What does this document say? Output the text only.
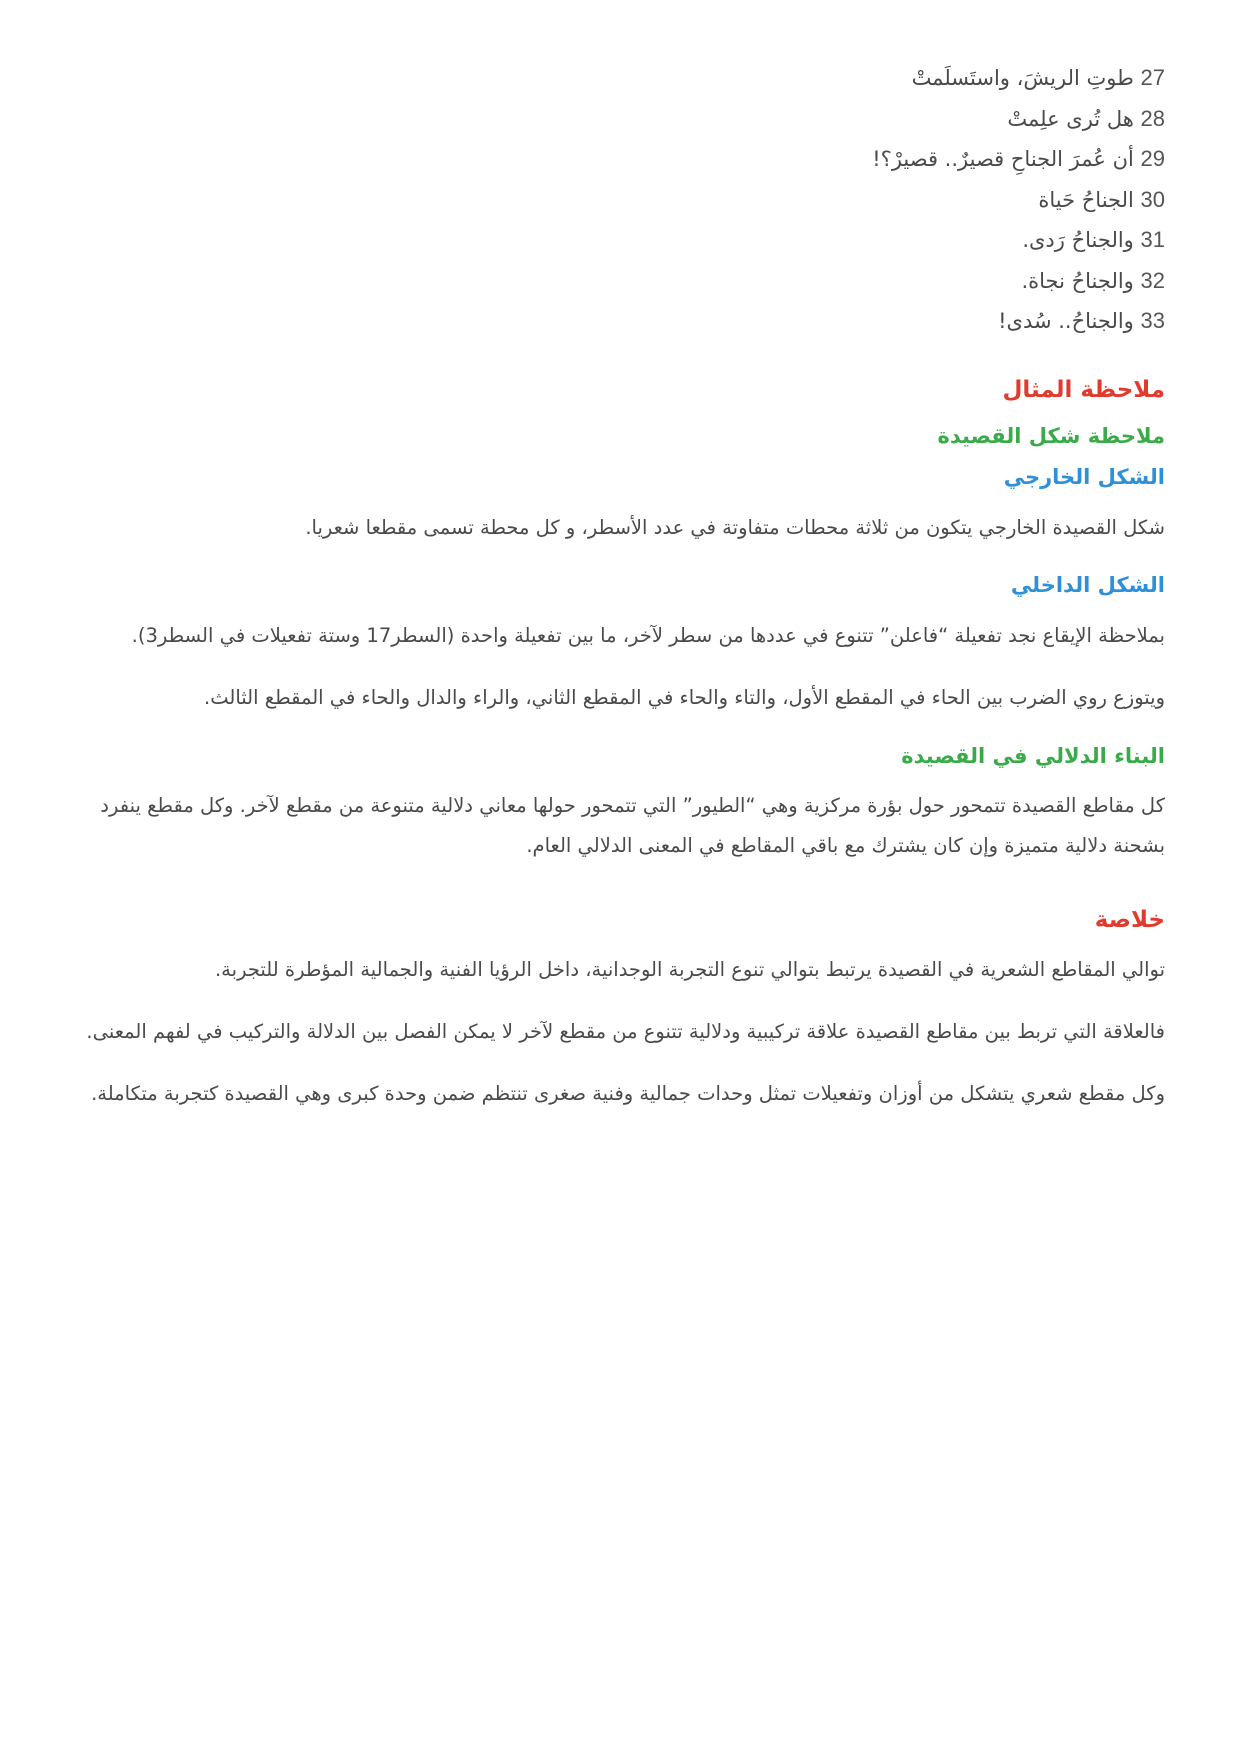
27 طوتِ الريشَ، واستَسلَمتْ

28 هل تُرى علِمتْ

29 أن عُمرَ الجناحِ قصيرٌ.. قصيرْ؟!

30 الجناحُ حَياة

31 والجناحُ رَدى.

32 والجناحُ نجاة.

33 والجناحُ.. سُدى!

ملاحظة المثال
ملاحظة شكل القصيدة
الشكل الخارجي

شكل القصيدة الخارجي يتكون من ثلاثة محطات متفاوتة في عدد الأسطر، و كل محطة تسمى مقطعا شعريا.

الشكل الداخلي

بملاحظة الإيقاع نجد تفعيلة “فاعلن” تتنوع في عددها من سطر لآخر، ما بين تفعيلة واحدة (السطر17 وستة تفعيلات في السطر3).

ويتوزع روي الضرب بين الحاء في المقطع الأول، والتاء والحاء في المقطع الثاني، والراء والدال والحاء في المقطع الثالث.

البناء الدلالي في القصيدة

كل مقاطع القصيدة تتمحور حول بؤرة مركزية وهي “الطيور” التي تتمحور حولها معاني دلالية متنوعة من مقطع لآخر. وكل مقطع ينفرد بشحنة دلالية متميزة وإن كان يشترك مع باقي المقاطع في المعنى الدلالي العام.

خلاصة

توالي المقاطع الشعرية في القصيدة يرتبط بتوالي تنوع التجربة الوجدانية، داخل الرؤيا الفنية والجمالية المؤطرة للتجربة.

فالعلاقة التي تربط بين مقاطع القصيدة علاقة تركيبية ودلالية تتنوع من مقطع لآخر لا يمكن الفصل بين الدلالة والتركيب في لفهم المعنى.

وكل مقطع شعري يتشكل من أوزان وتفعيلات تمثل وحدات جمالية وفنية صغرى تنتظم ضمن وحدة كبرى وهي القصيدة كتجربة متكاملة.
